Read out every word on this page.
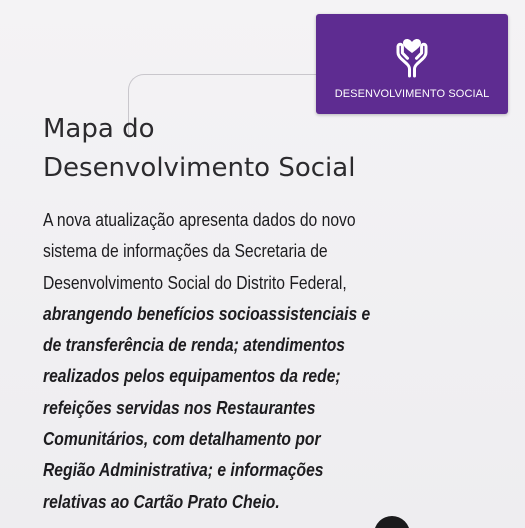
DESENVOLVIMENTO SOCIAL
Mapa do
Desenvolvimento Social

A nova atualização apresenta dados do novo
sistema de informações da Secretaria de
Desenvolvimento Social do Distrito Federal,
abrangendo benefícios socioassistenciais e
de transferência de renda; atendimentos
realizados pelos equipamentos da rede;
refeições servidas nos Restaurantes
Comunitários, com detalhamento por
Região Administrativa; e informações
relativas ao Cartão Prato Cheio.
